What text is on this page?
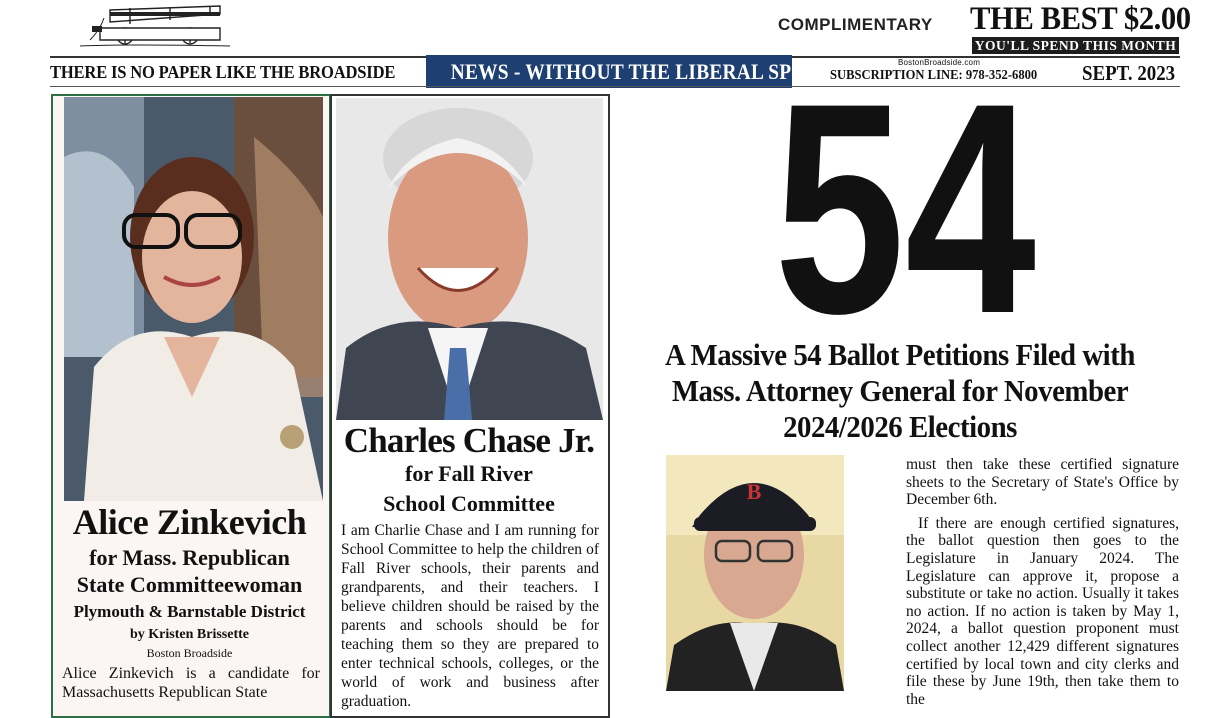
COMPLIMENTARY THE BEST $2.00
YOU'LL SPEND THIS MONTH
THERE IS NO PAPER LIKE THE BROADSIDE	NEWS - WITHOUT THE LIBERAL SPIN	BostonBroadside.com
SUBSCRIPTION LINE: 978-352-6800 SEPT. 2023
Alice Zinkevich
for Mass. Republican
State Committeewoman
Plymouth & Barnstable District
by Kristen Brissette
Boston Broadside
Alice Zinkevich is a candidate for Massachusetts Republican State
Charles Chase Jr.
for Fall River
School Committee
I am Charlie Chase and I am running for School Committee to help the children of Fall River schools, their parents and grandparents, and their teachers. I believe children should be raised by the parents and schools should be for teaching them so they are prepared to enter technical schools, colleges, or the world of work and business after graduation.
54
A Massive 54 Ballot Petitions Filed with Mass. Attorney General for November 2024/2026 Elections
B

must then take these certified signature sheets to the Secretary of State's Office by December 6th.

If there are enough certified signatures, the ballot question then goes to the Legislature in January 2024. The Legislature can approve it, propose a substitute or take no action. Usually it takes no action. If no action is taken by May 1, 2024, a ballot question proponent must collect another 12,429 different signatures certified by local town and city clerks and file these by June 19th, then take them to the
